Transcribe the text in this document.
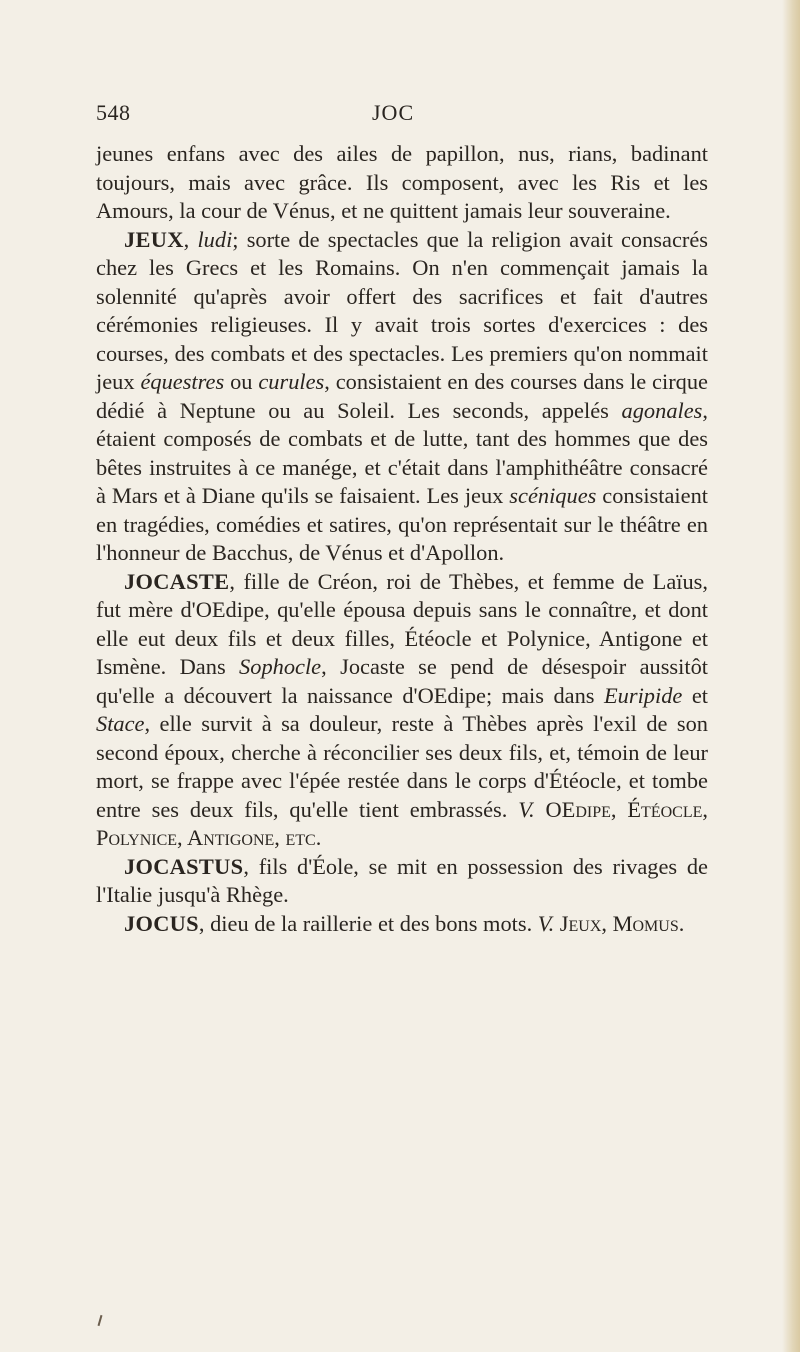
548	JOC

jeunes enfans avec des ailes de papillon, nus, rians, badinant toujours, mais avec grâce. Ils composent, avec les Ris et les Amours, la cour de Vénus, et ne quittent jamais leur souveraine.

JEUX, ludi; sorte de spectacles que la religion avait consacrés chez les Grecs et les Romains. On n'en commençait jamais la solennité qu'après avoir offert des sacrifices et fait d'autres cérémonies religieuses. Il y avait trois sortes d'exercices : des courses, des combats et des spectacles. Les premiers qu'on nommait jeux équestres ou curules, consistaient en des courses dans le cirque dédié à Neptune ou au Soleil. Les seconds, appelés agonales, étaient composés de combats et de lutte, tant des hommes que des bêtes instruites à ce manége, et c'était dans l'amphithéâtre consacré à Mars et à Diane qu'ils se faisaient. Les jeux scéniques consistaient en tragédies, comédies et satires, qu'on représentait sur le théâtre en l'honneur de Bacchus, de Vénus et d'Apollon.

JOCASTE, fille de Créon, roi de Thèbes, et femme de Laïus, fut mère d'OEdipe, qu'elle épousa depuis sans le connaître, et dont elle eut deux fils et deux filles, Étéocle et Polynice, Antigone et Ismène. Dans Sophocle, Jocaste se pend de désespoir aussitôt qu'elle a découvert la naissance d'OEdipe; mais dans Euripide et Stace, elle survit à sa douleur, reste à Thèbes après l'exil de son second époux, cherche à réconcilier ses deux fils, et, témoin de leur mort, se frappe avec l'épée restée dans le corps d'Étéocle, et tombe entre ses deux fils, qu'elle tient embrassés. V. OEdipe, Étéocle, Polynice, Antigone, etc.

JOCASTUS, fils d'Éole, se mit en possession des rivages de l'Italie jusqu'à Rhège.

JOCUS, dieu de la raillerie et des bons mots. V. Jeux, Momus.
